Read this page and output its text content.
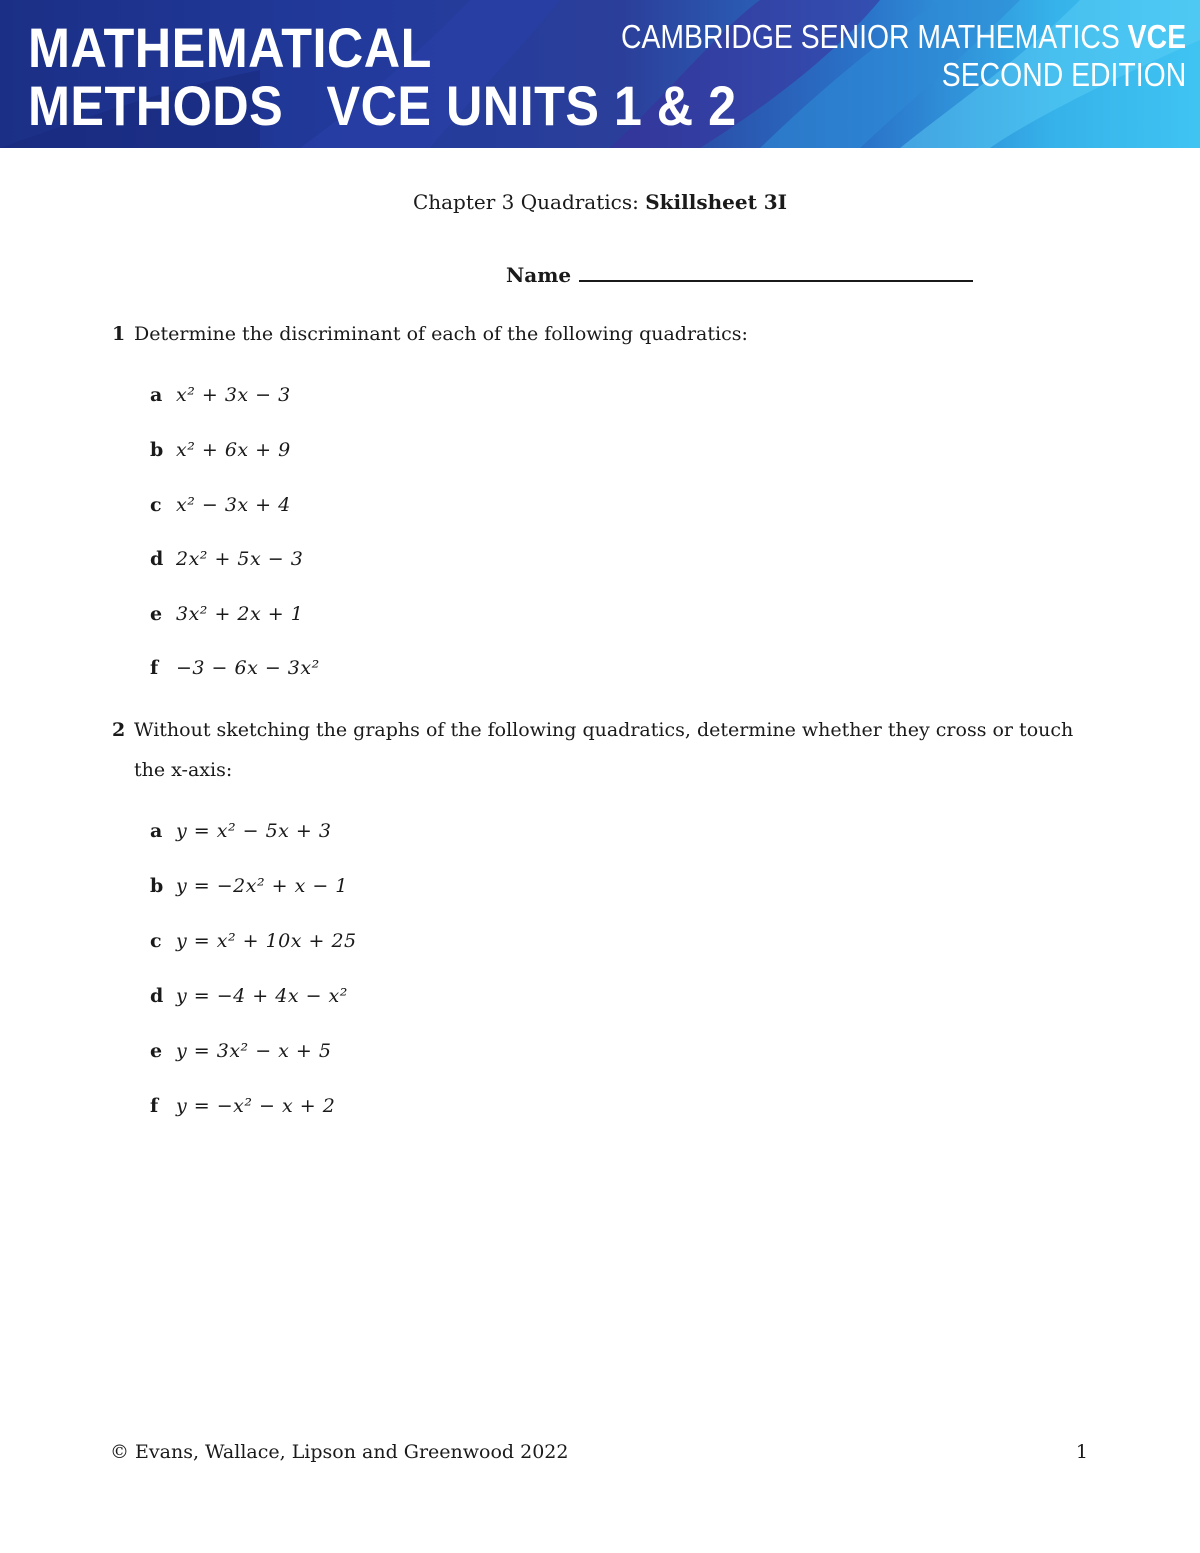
MATHEMATICAL
METHODS   VCE UNITS 1 & 2
CAMBRIDGE SENIOR MATHEMATICS VCE
SECOND EDITION
Chapter 3 Quadratics: Skillsheet 3I
Name
1 Determine the discriminant of each of the following quadratics:
a x² + 3x − 3
b x² + 6x + 9
c x² − 3x + 4
d 2x² + 5x − 3
e 3x² + 2x + 1
f −3 − 6x − 3x²
2 Without sketching the graphs of the following quadratics, determine whether they cross or touch
the x-axis:
a y = x² − 5x + 3
b y = −2x² + x − 1
c y = x² + 10x + 25
d y = −4 + 4x − x²
e y = 3x² − x + 5
f y = −x² − x + 2
© Evans, Wallace, Lipson and Greenwood 2022	1
